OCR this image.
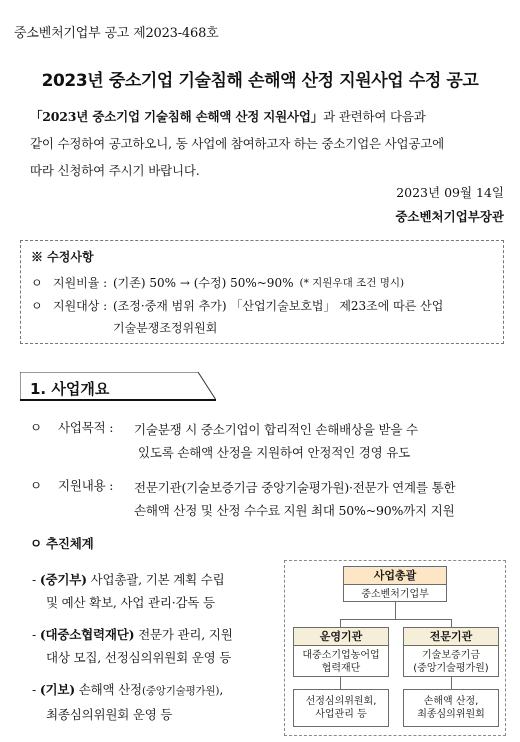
중소벤처기업부 공고 제2023-468호
2023년 중소기업 기술침해 손해액 산정 지원사업 수정 공고
「2023년 중소기업 기술침해 손해액 산정 지원사업」과 관련하여 다음과
같이 수정하여 공고하오니, 동 사업에 참여하고자 하는 중소기업은 사업공고에
따라 신청하여 주시기 바랍니다.
2023년 09월 14일
중소벤처기업부장관
※ 수정사항
ㅇ 지원비율 : (기존) 50% → (수정) 50%~90% (* 지원우대 조건 명시)
ㅇ 지원대상 : (조정·중재 범위 추가) 「산업기술보호법」 제23조에 따른 산업
기술분쟁조정위원회
1. 사업개요
ㅇ 사업목적 : 기술분쟁 시 중소기업이 합리적인 손해배상을 받을 수
있도록 손해액 산정을 지원하여 안정적인 경영 유도
ㅇ 지원내용 : 전문기관(기술보증기금 중앙기술평가원)·전문가 연계를 통한
손해액 산정 및 산정 수수료 지원 최대 50%~90%까지 지원
ㅇ 추진체계
- (중기부) 사업총괄, 기본 계획 수립
및 예산 확보, 사업 관리·감독 등
- (대중소협력재단) 전문가 관리, 지원
대상 모집, 선정심의위원회 운영 등
- (기보) 손해액 산정(중앙기술평가원),
최종심의위원회 운영 등
사업총괄
중소벤처기업부
운영기관
대중소기업농어업
협력재단
전문기관
기술보증기금
(중앙기술평가원)
선정심의위원회,
사업관리 등
손해액 산정,
최종심의위원회
